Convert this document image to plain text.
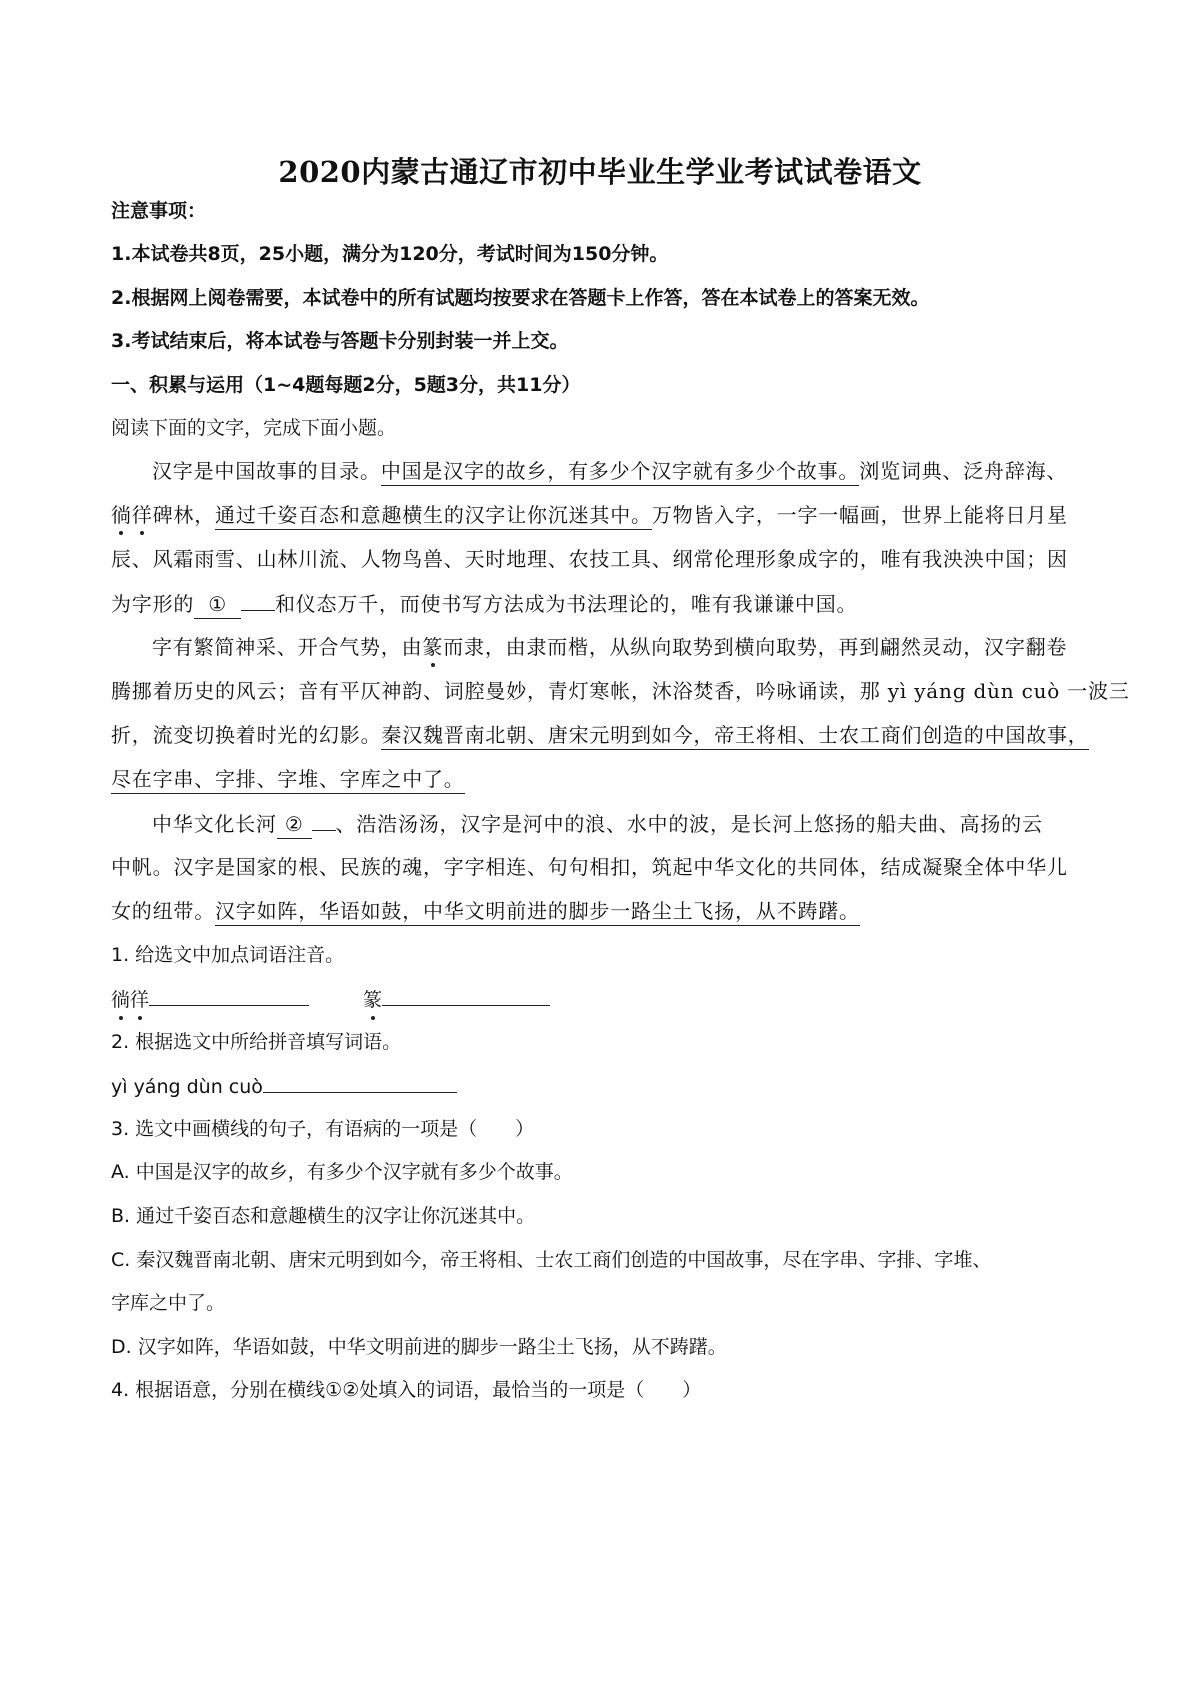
2020内蒙古通辽市初中毕业生学业考试试卷语文
注意事项：
1.本试卷共8页，25小题，满分为120分，考试时间为150分钟。
2.根据网上阅卷需要，本试卷中的所有试题均按要求在答题卡上作答，答在本试卷上的答案无效。
3.考试结束后，将本试卷与答题卡分别封装一并上交。
一、积累与运用（1~4题每题2分，5题3分，共11分）
阅读下面的文字，完成下面小题。
汉字是中国故事的目录。中国是汉字的故乡，有多少个汉字就有多少个故事。浏览词典、泛舟辞海、
徜徉碑林，通过千姿百态和意趣横生的汉字让你沉迷其中。万物皆入字，一字一幅画，世界上能将日月星
辰、风霜雨雪、山林川流、人物鸟兽、天时地理、农技工具、纲常伦理形象成字的，唯有我泱泱中国；因
为字形的 ① 和仪态万千，而使书写方法成为书法理论的，唯有我谦谦中国。
字有繁简神采、开合气势，由篆而隶，由隶而楷，从纵向取势到横向取势，再到翩然灵动，汉字翻卷
腾挪着历史的风云；音有平仄神韵、词腔曼妙，青灯寒帐，沐浴焚香，吟咏诵读，那 yì yáng dùn cuò 一波三
折，流变切换着时光的幻影。秦汉魏晋南北朝、唐宋元明到如今，帝王将相、士农工商们创造的中国故事，
尽在字串、字排、字堆、字库之中了。
中华文化长河 ② 、浩浩汤汤，汉字是河中的浪、水中的波，是长河上悠扬的船夫曲、高扬的云
中帆。汉字是国家的根、民族的魂，字字相连、句句相扣，筑起中华文化的共同体，结成凝聚全体中华儿
女的纽带。汉字如阵，华语如鼓，中华文明前进的脚步一路尘土飞扬，从不踌躇。
1. 给选文中加点词语注音。
徜徉	篆
2. 根据选文中所给拼音填写词语。
yì yáng dùn cuò
3. 选文中画横线的句子，有语病的一项是（　　）
A. 中国是汉字的故乡，有多少个汉字就有多少个故事。
B. 通过千姿百态和意趣横生的汉字让你沉迷其中。
C. 秦汉魏晋南北朝、唐宋元明到如今，帝王将相、士农工商们创造的中国故事，尽在字串、字排、字堆、
字库之中了。
D. 汉字如阵，华语如鼓，中华文明前进的脚步一路尘土飞扬，从不踌躇。
4. 根据语意，分别在横线①②处填入的词语，最恰当的一项是（　　）
